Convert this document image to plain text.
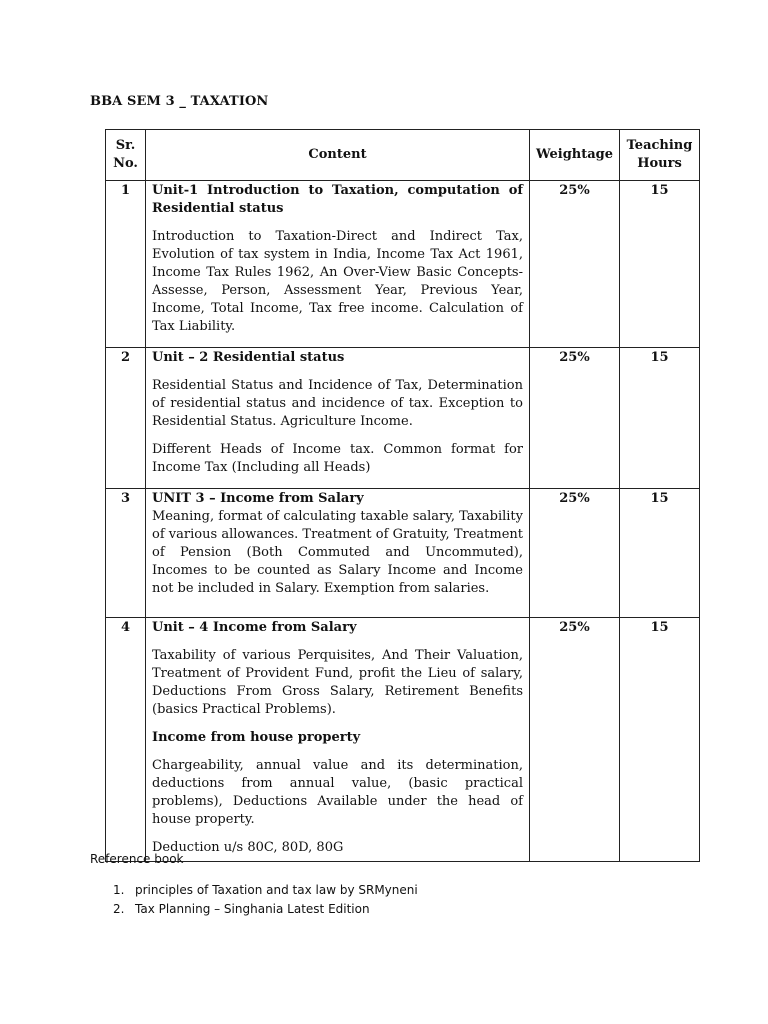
BBA SEM 3 _ TAXATION
Sr. No.	Content	Weightage	Teaching Hours
1	Unit-1 Introduction to Taxation, computation of Residential status
Introduction to Taxation-Direct and Indirect Tax, Evolution of tax system in India, Income Tax Act 1961, Income Tax Rules 1962, An Over-View Basic Concepts- Assesse, Person, Assessment Year, Previous Year, Income, Total Income, Tax free income. Calculation of Tax Liability.	25%	15
2	Unit – 2 Residential status
Residential Status and Incidence of Tax, Determination of residential status and incidence of tax. Exception to Residential Status. Agriculture Income.
Different Heads of Income tax. Common format for Income Tax (Including all Heads)	25%	15
3	UNIT 3 – Income from Salary
Meaning, format of calculating taxable salary, Taxability of various allowances. Treatment of Gratuity, Treatment of Pension (Both Commuted and Uncommuted), Incomes to be counted as Salary Income and Income not be included in Salary. Exemption from salaries.	25%	15
4	Unit – 4 Income from Salary
Taxability of various Perquisites, And Their Valuation, Treatment of Provident Fund, profit the Lieu of salary, Deductions From Gross Salary, Retirement Benefits (basics Practical Problems).
Income from house property
Chargeability, annual value and its determination, deductions from annual value, (basic practical problems), Deductions Available under the head of house property.
Deduction u/s 80C, 80D, 80G	25%	15
Reference book
1. principles of Taxation and tax law by SRMyneni
2. Tax Planning – Singhania Latest Edition
